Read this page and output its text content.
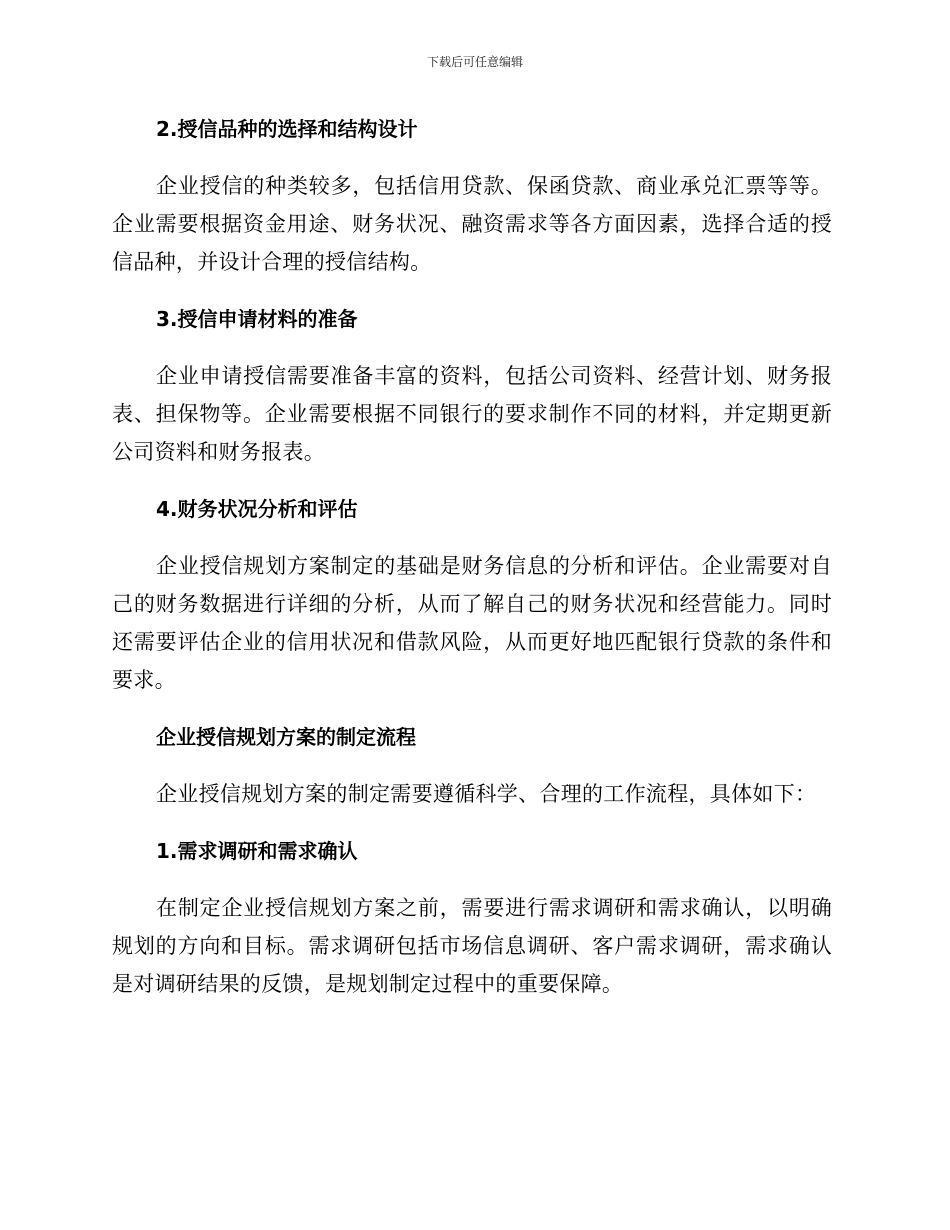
下载后可任意编辑
2.授信品种的选择和结构设计
企业授信的种类较多，包括信用贷款、保函贷款、商业承兑汇票等等。企业需要根据资金用途、财务状况、融资需求等各方面因素，选择合适的授信品种，并设计合理的授信结构。
3.授信申请材料的准备
企业申请授信需要准备丰富的资料，包括公司资料、经营计划、财务报表、担保物等。企业需要根据不同银行的要求制作不同的材料，并定期更新公司资料和财务报表。
4.财务状况分析和评估
企业授信规划方案制定的基础是财务信息的分析和评估。企业需要对自己的财务数据进行详细的分析，从而了解自己的财务状况和经营能力。同时还需要评估企业的信用状况和借款风险，从而更好地匹配银行贷款的条件和要求。
企业授信规划方案的制定流程
企业授信规划方案的制定需要遵循科学、合理的工作流程，具体如下：
1.需求调研和需求确认
在制定企业授信规划方案之前，需要进行需求调研和需求确认，以明确规划的方向和目标。需求调研包括市场信息调研、客户需求调研，需求确认是对调研结果的反馈，是规划制定过程中的重要保障。
